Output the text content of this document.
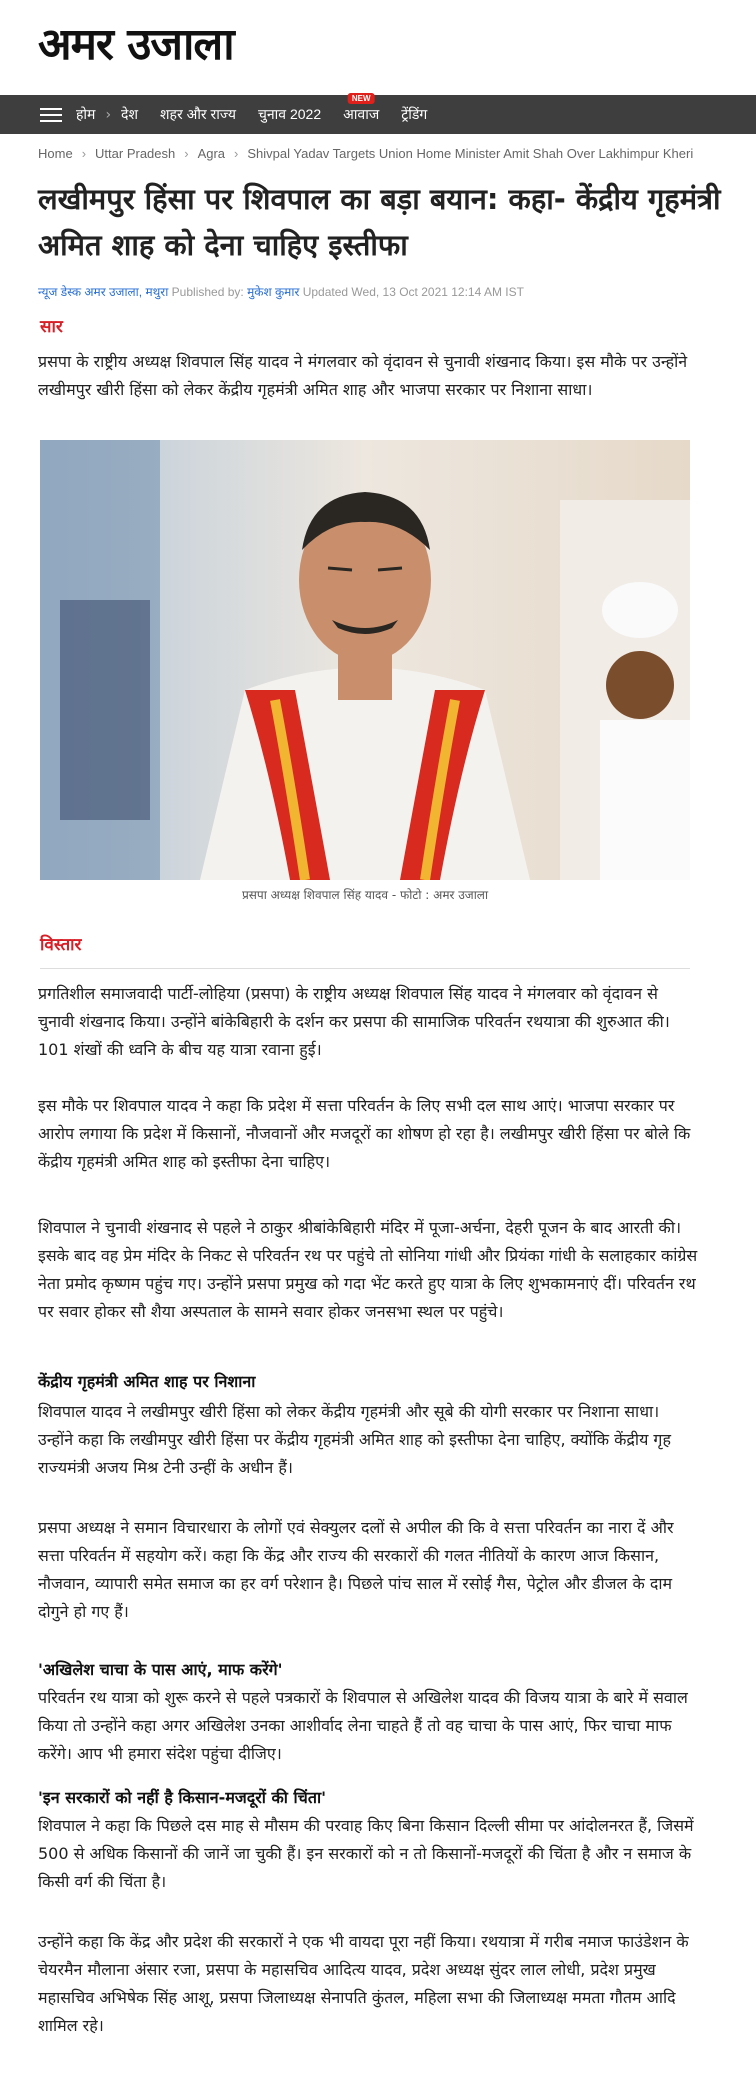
अमर उजाला
होम › देश शहर और राज्य चुनाव 2022
NEW
आवाज ट्रेंडिंग
Home › Uttar Pradesh › Agra › Shivpal Yadav Targets Union Home Minister Amit Shah Over Lakhimpur Kheri
लखीमपुर हिंसा पर शिवपाल का बड़ा बयान: कहा- केंद्रीय गृहमंत्री अमित शाह को देना चाहिए इस्तीफा
न्यूज डेस्क अमर उजाला, मथुरा Published by: मुकेश कुमार Updated Wed, 13 Oct 2021 12:14 AM IST
सार

प्रसपा के राष्ट्रीय अध्यक्ष शिवपाल सिंह यादव ने मंगलवार को वृंदावन से चुनावी शंखनाद किया। इस मौके पर उन्होंने लखीमपुर खीरी हिंसा को लेकर केंद्रीय गृहमंत्री अमित शाह और भाजपा सरकार पर निशाना साधा।

प्रसपा अध्यक्ष शिवपाल सिंह यादव - फोटो : अमर उजाला
विस्तार

प्रगतिशील समाजवादी पार्टी-लोहिया (प्रसपा) के राष्ट्रीय अध्यक्ष शिवपाल सिंह यादव ने मंगलवार को वृंदावन से चुनावी शंखनाद किया। उन्होंने बांकेबिहारी के दर्शन कर प्रसपा की सामाजिक परिवर्तन रथयात्रा की शुरुआत की। 101 शंखों की ध्वनि के बीच यह यात्रा रवाना हुई।

इस मौके पर शिवपाल यादव ने कहा कि प्रदेश में सत्ता परिवर्तन के लिए सभी दल साथ आएं। भाजपा सरकार पर आरोप लगाया कि प्रदेश में किसानों, नौजवानों और मजदूरों का शोषण हो रहा है। लखीमपुर खीरी हिंसा पर बोले कि केंद्रीय गृहमंत्री अमित शाह को इस्तीफा देना चाहिए।

शिवपाल ने चुनावी शंखनाद से पहले ने ठाकुर श्रीबांकेबिहारी मंदिर में पूजा-अर्चना, देहरी पूजन के बाद आरती की। इसके बाद वह प्रेम मंदिर के निकट से परिवर्तन रथ पर पहुंचे तो सोनिया गांधी और प्रियंका गांधी के सलाहकार कांग्रेस नेता प्रमोद कृष्णम पहुंच गए। उन्होंने प्रसपा प्रमुख को गदा भेंट करते हुए यात्रा के लिए शुभकामनाएं दीं। परिवर्तन रथ पर सवार होकर सौ शैया अस्पताल के सामने सवार होकर जनसभा स्थल पर पहुंचे।

केंद्रीय गृहमंत्री अमित शाह पर निशाना

शिवपाल यादव ने लखीमपुर खीरी हिंसा को लेकर केंद्रीय गृहमंत्री और सूबे की योगी सरकार पर निशाना साधा। उन्होंने कहा कि लखीमपुर खीरी हिंसा पर केंद्रीय गृहमंत्री अमित शाह को इस्तीफा देना चाहिए, क्योंकि केंद्रीय गृह राज्यमंत्री अजय मिश्र टेनी उन्हीं के अधीन हैं।

प्रसपा अध्यक्ष ने समान विचारधारा के लोगों एवं सेक्युलर दलों से अपील की कि वे सत्ता परिवर्तन का नारा दें और सत्ता परिवर्तन में सहयोग करें। कहा कि केंद्र और राज्य की सरकारों की गलत नीतियों के कारण आज किसान, नौजवान, व्यापारी समेत समाज का हर वर्ग परेशान है। पिछले पांच साल में रसोई गैस, पेट्रोल और डीजल के दाम दोगुने हो गए हैं।

'अखिलेश चाचा के पास आएं, माफ करेंगे'

परिवर्तन रथ यात्रा को शुरू करने से पहले पत्रकारों के शिवपाल से अखिलेश यादव की विजय यात्रा के बारे में सवाल किया तो उन्होंने कहा अगर अखिलेश उनका आशीर्वाद लेना चाहते हैं तो वह चाचा के पास आएं, फिर चाचा माफ करेंगे। आप भी हमारा संदेश पहुंचा दीजिए।

'इन सरकारों को नहीं है किसान-मजदूरों की चिंता'

शिवपाल ने कहा कि पिछले दस माह से मौसम की परवाह किए बिना किसान दिल्ली सीमा पर आंदोलनरत हैं, जिसमें 500 से अधिक किसानों की जानें जा चुकी हैं। इन सरकारों को न तो किसानों-मजदूरों की चिंता है और न समाज के किसी वर्ग की चिंता है।

उन्होंने कहा कि केंद्र और प्रदेश की सरकारों ने एक भी वायदा पूरा नहीं किया। रथयात्रा में गरीब नमाज फाउंडेशन के चेयरमैन मौलाना अंसार रजा, प्रसपा के महासचिव आदित्य यादव, प्रदेश अध्यक्ष सुंदर लाल लोधी, प्रदेश प्रमुख महासचिव अभिषेक सिंह आशू, प्रसपा जिलाध्यक्ष सेनापति कुंतल, महिला सभा की जिलाध्यक्ष ममता गौतम आदि शामिल रहे।
